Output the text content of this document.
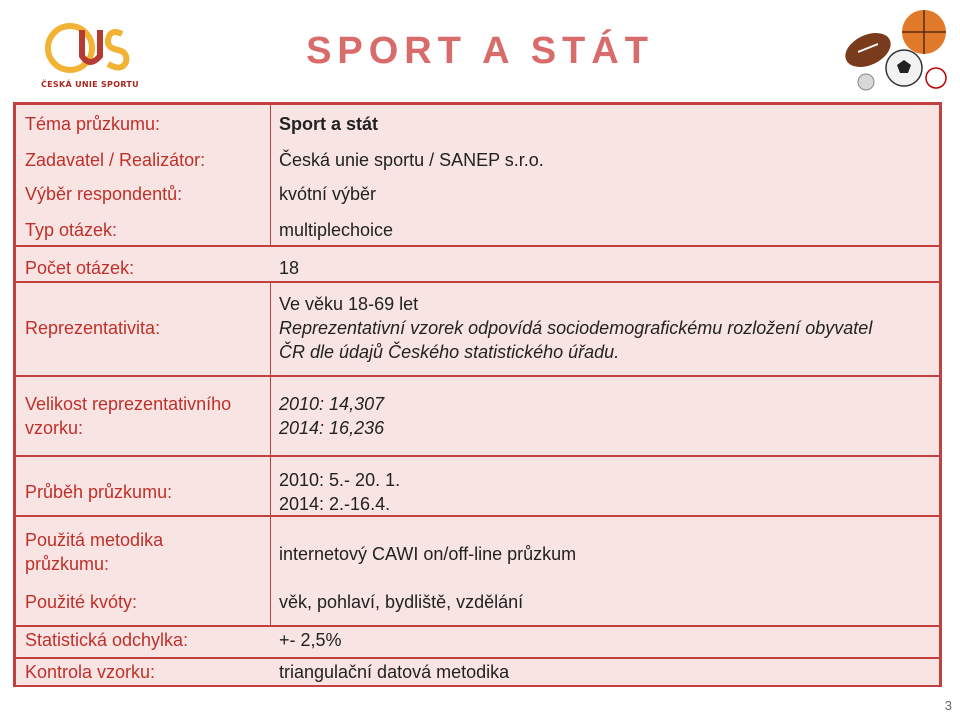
ČESKÁ UNIE SPORTU
SPORT A STÁT
Téma průzkumu:	Sport a stát
Zadavatel / Realizátor:	Česká unie sportu / SANEP s.r.o.
Výběr respondentů:	kvótní výběr
Typ otázek:	multiplechoice
Počet otázek:	18
Reprezentativita:
Ve věku 18-69 let
Reprezentativní vzorek odpovídá sociodemografickému rozložení obyvatel
ČR dle údajů Českého statistického úřadu.
Velikost reprezentativního
vzorku:
2010: 14,307
2014: 16,236
Průběh průzkumu:
2010: 5.- 20. 1.
2014: 2.-16.4.
Použitá metodika
průzkumu:	internetový CAWI on/off-line průzkum
Použité kvóty:	věk, pohlaví, bydliště, vzdělání
Statistická odchylka:	+- 2,5%
Kontrola vzorku:	triangulační datová metodika
3
